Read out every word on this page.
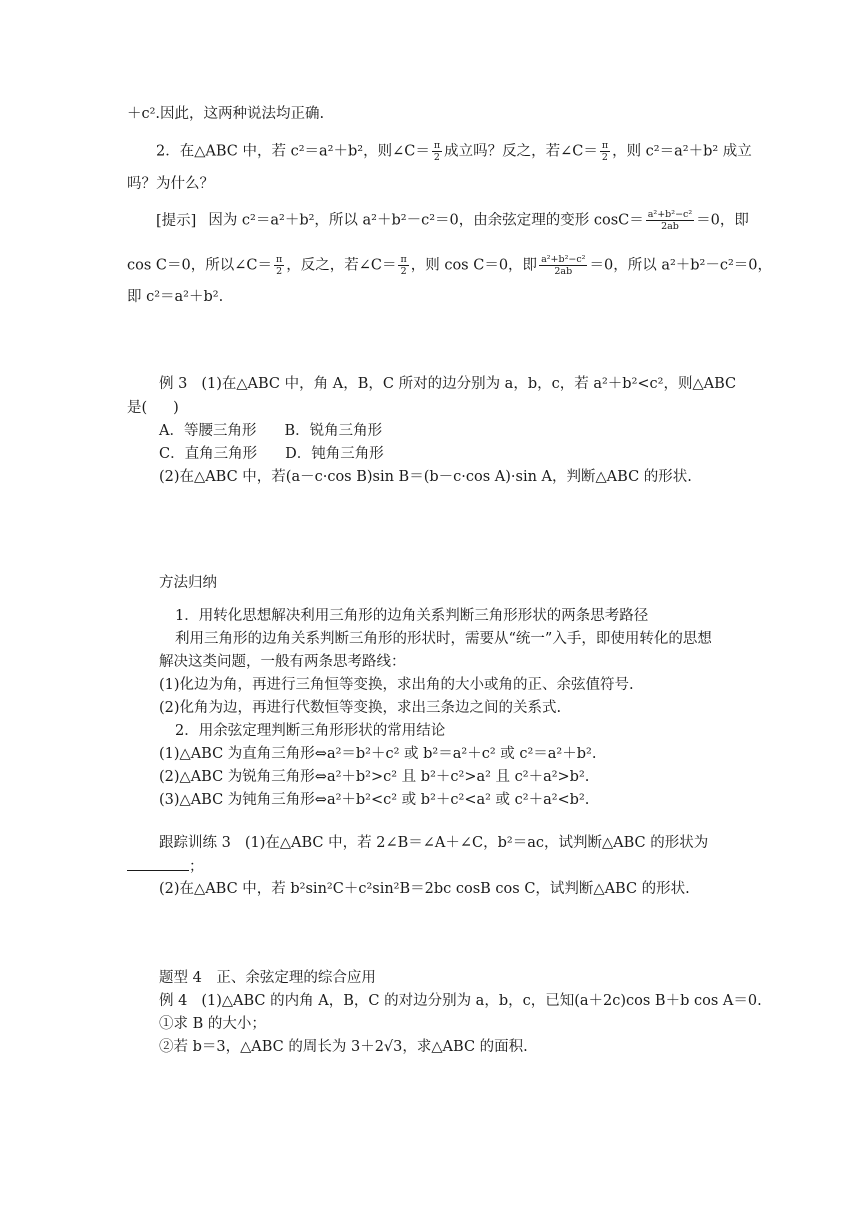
＋c².因此，这两种说法均正确.
2．在△ABC 中，若 c²＝a²＋b²，则∠C＝ $\frac{\pi}{2}$ 成立吗？反之，若∠C＝ $\frac{\pi}{2}$ ，则 c²＝a²＋b² 成立
吗？为什么？
[提示] 因为 c²＝a²＋b²，所以 a²＋b²－c²＝0，由余弦定理的变形 $\cos C= \frac{\text{a²+b²−c²}}{2ab} =0$，即
cos C＝0，所以∠C＝ $\frac{\pi}{2}$ ，反之，若∠C＝ $\frac{\pi}{2}$ ，则 cos C＝0，即 $\frac{\text{a²+b²−c²}}{2ab} =0$，所以 a²＋b²－c²＝0，
即 c²＝a²＋b².
例 3 (1)在△ABC 中，角 A，B，C 所对的边分别为 a，b，c，若 a²＋b²<c²，则△ABC
是( )
A．等腰三角形 B．锐角三角形
C．直角三角形 D．钝角三角形
(2)在△ABC 中，若(a－c·cos B)sin B＝(b－c·cos A)·sin A，判断△ABC 的形状.
方法归纳
1．用转化思想解决利用三角形的边角关系判断三角形形状的两条思考路径
利用三角形的边角关系判断三角形的形状时，需要从“统一”入手，即使用转化的思想
解决这类问题，一般有两条思考路线：
(1)化边为角，再进行三角恒等变换，求出角的大小或角的正、余弦值符号.
(2)化角为边，再进行代数恒等变换，求出三条边之间的关系式.
2．用余弦定理判断三角形形状的常用结论
(1)△ABC 为直角三角形⇔a²＝b²＋c² 或 b²＝a²＋c² 或 c²＝a²＋b².
(2)△ABC 为锐角三角形⇔a²＋b²>c² 且 b²＋c²>a² 且 c²＋a²>b².
(3)△ABC 为钝角三角形⇔a²＋b²<c² 或 b²＋c²<a² 或 c²＋a²<b².
跟踪训练 3 (1)在△ABC 中，若 2∠B＝∠A＋∠C，b²＝ac，试判断△ABC 的形状为
；
(2)在△ABC 中，若 b²sin²C＋c²sin²B＝2bc cosB cos C，试判断△ABC 的形状.
题型 4　正、余弦定理的综合应用
例 4 (1)△ABC 的内角 A，B，C 的对边分别为 a，b，c，已知(a＋2c)cos B＋b cos A＝0.
①求 B 的大小；
②若 b＝3，△ABC 的周长为 3＋2√3，求△ABC 的面积.
